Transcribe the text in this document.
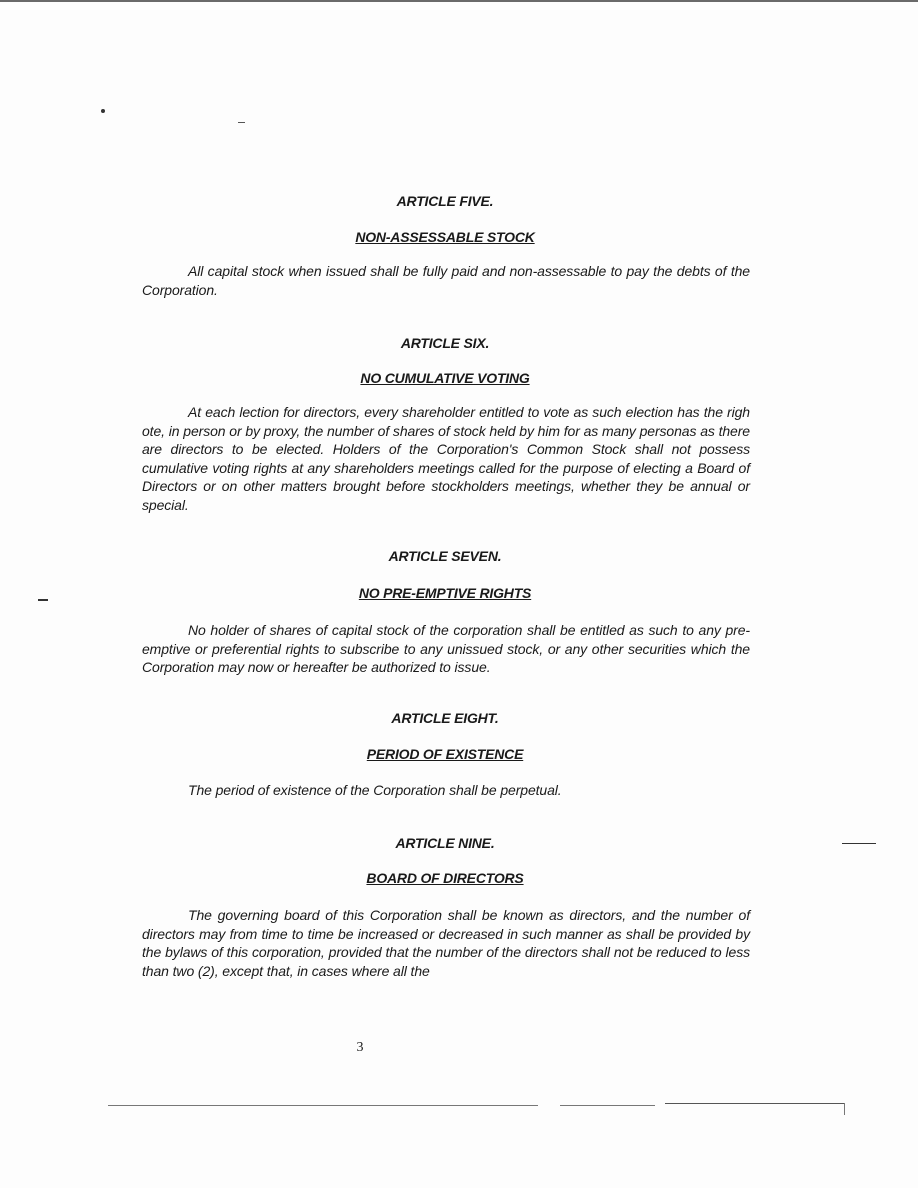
ARTICLE FIVE.
NON-ASSESSABLE STOCK
All capital stock when issued shall be fully paid and non-assessable to pay the debts of the Corporation.
ARTICLE SIX.
NO CUMULATIVE VOTING
At each lection for directors, every shareholder entitled to vote as such election has the righ ote, in person or by proxy, the number of shares of stock held by him for as many personas as there are directors to be elected. Holders of the Corporation's Common Stock shall not possess cumulative voting rights at any shareholders meetings called for the purpose of electing a Board of Directors or on other matters brought before stockholders meetings, whether they be annual or special.
ARTICLE SEVEN.
NO PRE-EMPTIVE RIGHTS
No holder of shares of capital stock of the corporation shall be entitled as such to any pre-emptive or preferential rights to subscribe to any unissued stock, or any other securities which the Corporation may now or hereafter be authorized to issue.
ARTICLE EIGHT.
PERIOD OF EXISTENCE
The period of existence of the Corporation shall be perpetual.
ARTICLE NINE.
BOARD OF DIRECTORS
The governing board of this Corporation shall be known as directors, and the number of directors may from time to time be increased or decreased in such manner as shall be provided by the bylaws of this corporation, provided that the number of the directors shall not be reduced to less than two (2), except that, in cases where all the
3
